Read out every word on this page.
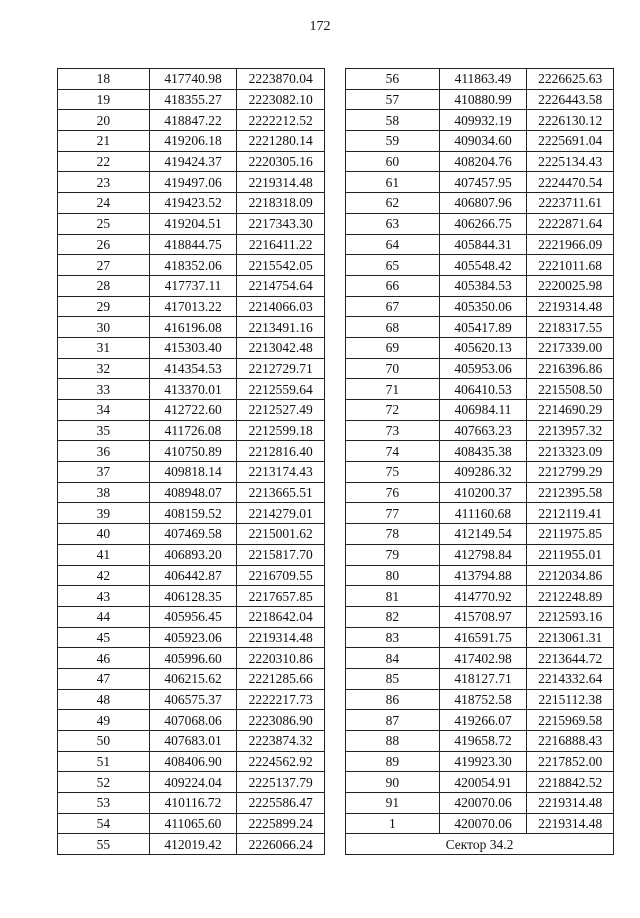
172
18	417740.98	2223870.04
19	418355.27	2223082.10
20	418847.22	2222212.52
21	419206.18	2221280.14
22	419424.37	2220305.16
23	419497.06	2219314.48
24	419423.52	2218318.09
25	419204.51	2217343.30
26	418844.75	2216411.22
27	418352.06	2215542.05
28	417737.11	2214754.64
29	417013.22	2214066.03
30	416196.08	2213491.16
31	415303.40	2213042.48
32	414354.53	2212729.71
33	413370.01	2212559.64
34	412722.60	2212527.49
35	411726.08	2212599.18
36	410750.89	2212816.40
37	409818.14	2213174.43
38	408948.07	2213665.51
39	408159.52	2214279.01
40	407469.58	2215001.62
41	406893.20	2215817.70
42	406442.87	2216709.55
43	406128.35	2217657.85
44	405956.45	2218642.04
45	405923.06	2219314.48
46	405996.60	2220310.86
47	406215.62	2221285.66
48	406575.37	2222217.73
49	407068.06	2223086.90
50	407683.01	2223874.32
51	408406.90	2224562.92
52	409224.04	2225137.79
53	410116.72	2225586.47
54	411065.60	2225899.24
55	412019.42	2226066.24
56	411863.49	2226625.63
57	410880.99	2226443.58
58	409932.19	2226130.12
59	409034.60	2225691.04
60	408204.76	2225134.43
61	407457.95	2224470.54
62	406807.96	2223711.61
63	406266.75	2222871.64
64	405844.31	2221966.09
65	405548.42	2221011.68
66	405384.53	2220025.98
67	405350.06	2219314.48
68	405417.89	2218317.55
69	405620.13	2217339.00
70	405953.06	2216396.86
71	406410.53	2215508.50
72	406984.11	2214690.29
73	407663.23	2213957.32
74	408435.38	2213323.09
75	409286.32	2212799.29
76	410200.37	2212395.58
77	411160.68	2212119.41
78	412149.54	2211975.85
79	412798.84	2211955.01
80	413794.88	2212034.86
81	414770.92	2212248.89
82	415708.97	2212593.16
83	416591.75	2213061.31
84	417402.98	2213644.72
85	418127.71	2214332.64
86	418752.58	2215112.38
87	419266.07	2215969.58
88	419658.72	2216888.43
89	419923.30	2217852.00
90	420054.91	2218842.52
91	420070.06	2219314.48
1	420070.06	2219314.48
Сектор 34.2		
